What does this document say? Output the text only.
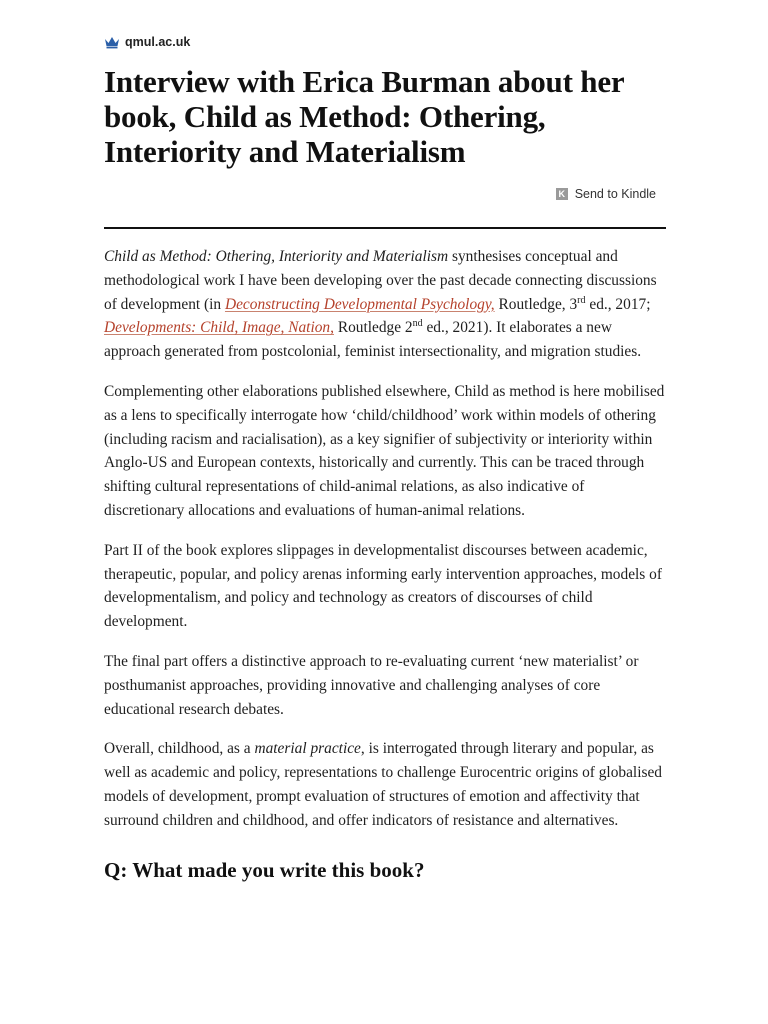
qmul.ac.uk
Interview with Erica Burman about her book, Child as Method: Othering, Interiority and Materialism
K Send to Kindle

Child as Method: Othering, Interiority and Materialism synthesises conceptual and methodological work I have been developing over the past decade connecting discussions of development (in Deconstructing Developmental Psychology, Routledge, 3rd ed., 2017; Developments: Child, Image, Nation, Routledge 2nd ed., 2021). It elaborates a new approach generated from postcolonial, feminist intersectionality, and migration studies.

Complementing other elaborations published elsewhere, Child as method is here mobilised as a lens to specifically interrogate how ‘child/childhood’ work within models of othering (including racism and racialisation), as a key signifier of subjectivity or interiority within Anglo-US and European contexts, historically and currently. This can be traced through shifting cultural representations of child-animal relations, as also indicative of discretionary allocations and evaluations of human-animal relations.

Part II of the book explores slippages in developmentalist discourses between academic, therapeutic, popular, and policy arenas informing early intervention approaches, models of developmentalism, and policy and technology as creators of discourses of child development.

The final part offers a distinctive approach to re-evaluating current ‘new materialist’ or posthumanist approaches, providing innovative and challenging analyses of core educational research debates.

Overall, childhood, as a material practice, is interrogated through literary and popular, as well as academic and policy, representations to challenge Eurocentric origins of globalised models of development, prompt evaluation of structures of emotion and affectivity that surround children and childhood, and offer indicators of resistance and alternatives.

Q: What made you write this book?
